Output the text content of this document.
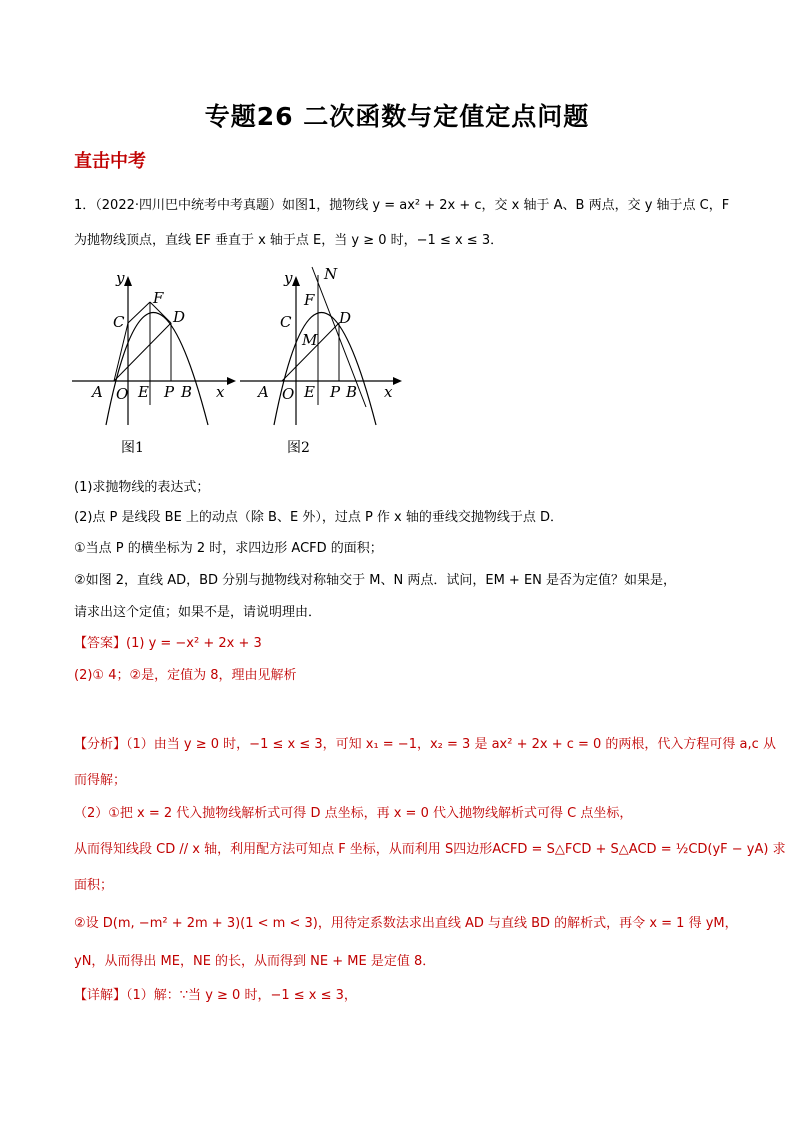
专题26 二次函数与定值定点问题
直击中考
1．（2022·四川巴中统考中考真题）如图1，抛物线 y = ax² + 2x + c，交 x 轴于 A、B 两点，交 y 轴于点 C，F
为抛物线顶点，直线 EF 垂直于 x 轴于点 E，当 y ≥ 0 时，−1 ≤ x ≤ 3．
y
x
A O E P B
C
F
D
图1
y
x
A O E P B
C
F
D
M
N
图2
(1)求抛物线的表达式；
(2)点 P 是线段 BE 上的动点（除 B、E 外），过点 P 作 x 轴的垂线交抛物线于点 D．
①当点 P 的横坐标为 2 时，求四边形 ACFD 的面积；
②如图 2，直线 AD，BD 分别与抛物线对称轴交于 M、N 两点．试问，EM + EN 是否为定值？如果是，
请求出这个定值；如果不是，请说明理由．
【答案】(1) y = −x² + 2x + 3
(2)① 4；②是，定值为 8，理由见解析
【分析】（1）由当 y ≥ 0 时，−1 ≤ x ≤ 3，可知 x₁ = −1，x₂ = 3 是 ax² + 2x + c = 0 的两根，代入方程可得 a,c 从
而得解；
（2）①把 x = 2 代入抛物线解析式可得 D 点坐标，再 x = 0 代入抛物线解析式可得 C 点坐标，
从而得知线段 CD // x 轴，利用配方法可知点 F 坐标，从而利用 S四边形ACFD = S△FCD + S△ACD = ½CD(yF − yA) 求
面积；
②设 D(m, −m² + 2m + 3)(1 < m < 3)，用待定系数法求出直线 AD 与直线 BD 的解析式，再令 x = 1 得 yM，
yN，从而得出 ME，NE 的长，从而得到 NE + ME 是定值 8．
【详解】（1）解：∵当 y ≥ 0 时，−1 ≤ x ≤ 3，
